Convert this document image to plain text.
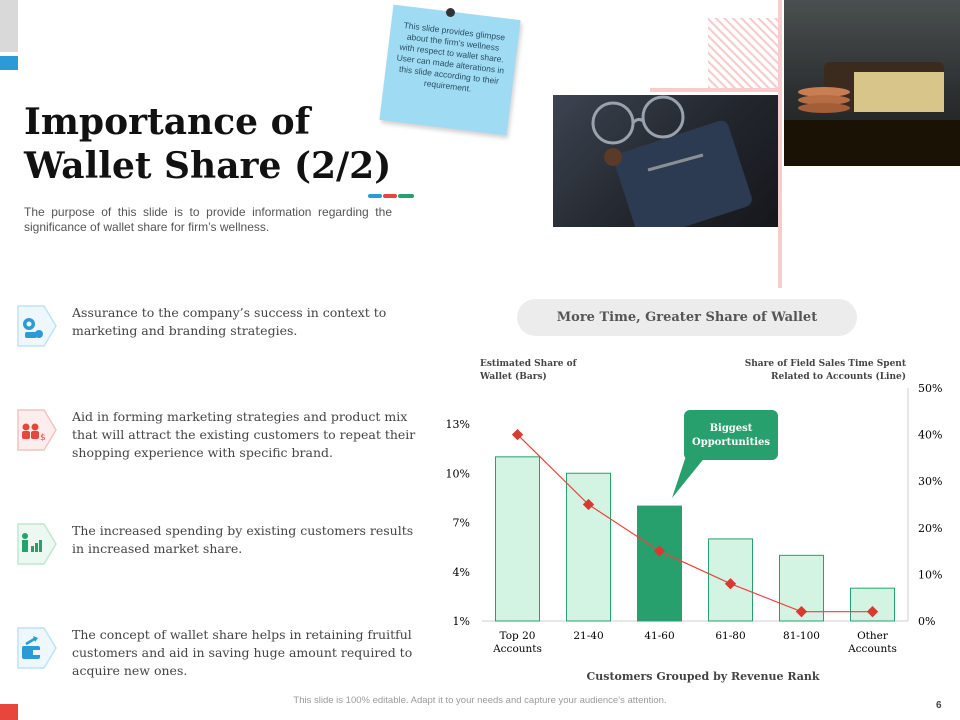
Importance of
Wallet Share (2/2)
The purpose of this slide is to provide information regarding the significance of wallet share for firm’s wellness.
This slide provides glimpse about the firm’s wellness with respect to wallet share. User can made alterations in this slide according to their requirement.
Assurance to the company’s success in context to marketing and branding strategies.
$
Aid in forming marketing strategies and product mix that will attract the existing customers to repeat their shopping experience with specific brand.
The increased spending by existing customers results in increased market share.
The concept of wallet share helps in retaining fruitful customers and aid in saving huge amount required to acquire new ones.
More Time, Greater Share of Wallet
Estimated Share of Wallet (Bars)
Share of Field Sales Time Spent Related to Accounts (Line)
1%
4%
7%
10%
13%
0%
10%
20%
30%
40%
50%
Top 20 Accounts
21-40	41-60	61-80	81-100	Other Accounts
Customers Grouped by Revenue Rank
Biggest Opportunities
This slide is 100% editable. Adapt it to your needs and capture your audience’s attention.	6
